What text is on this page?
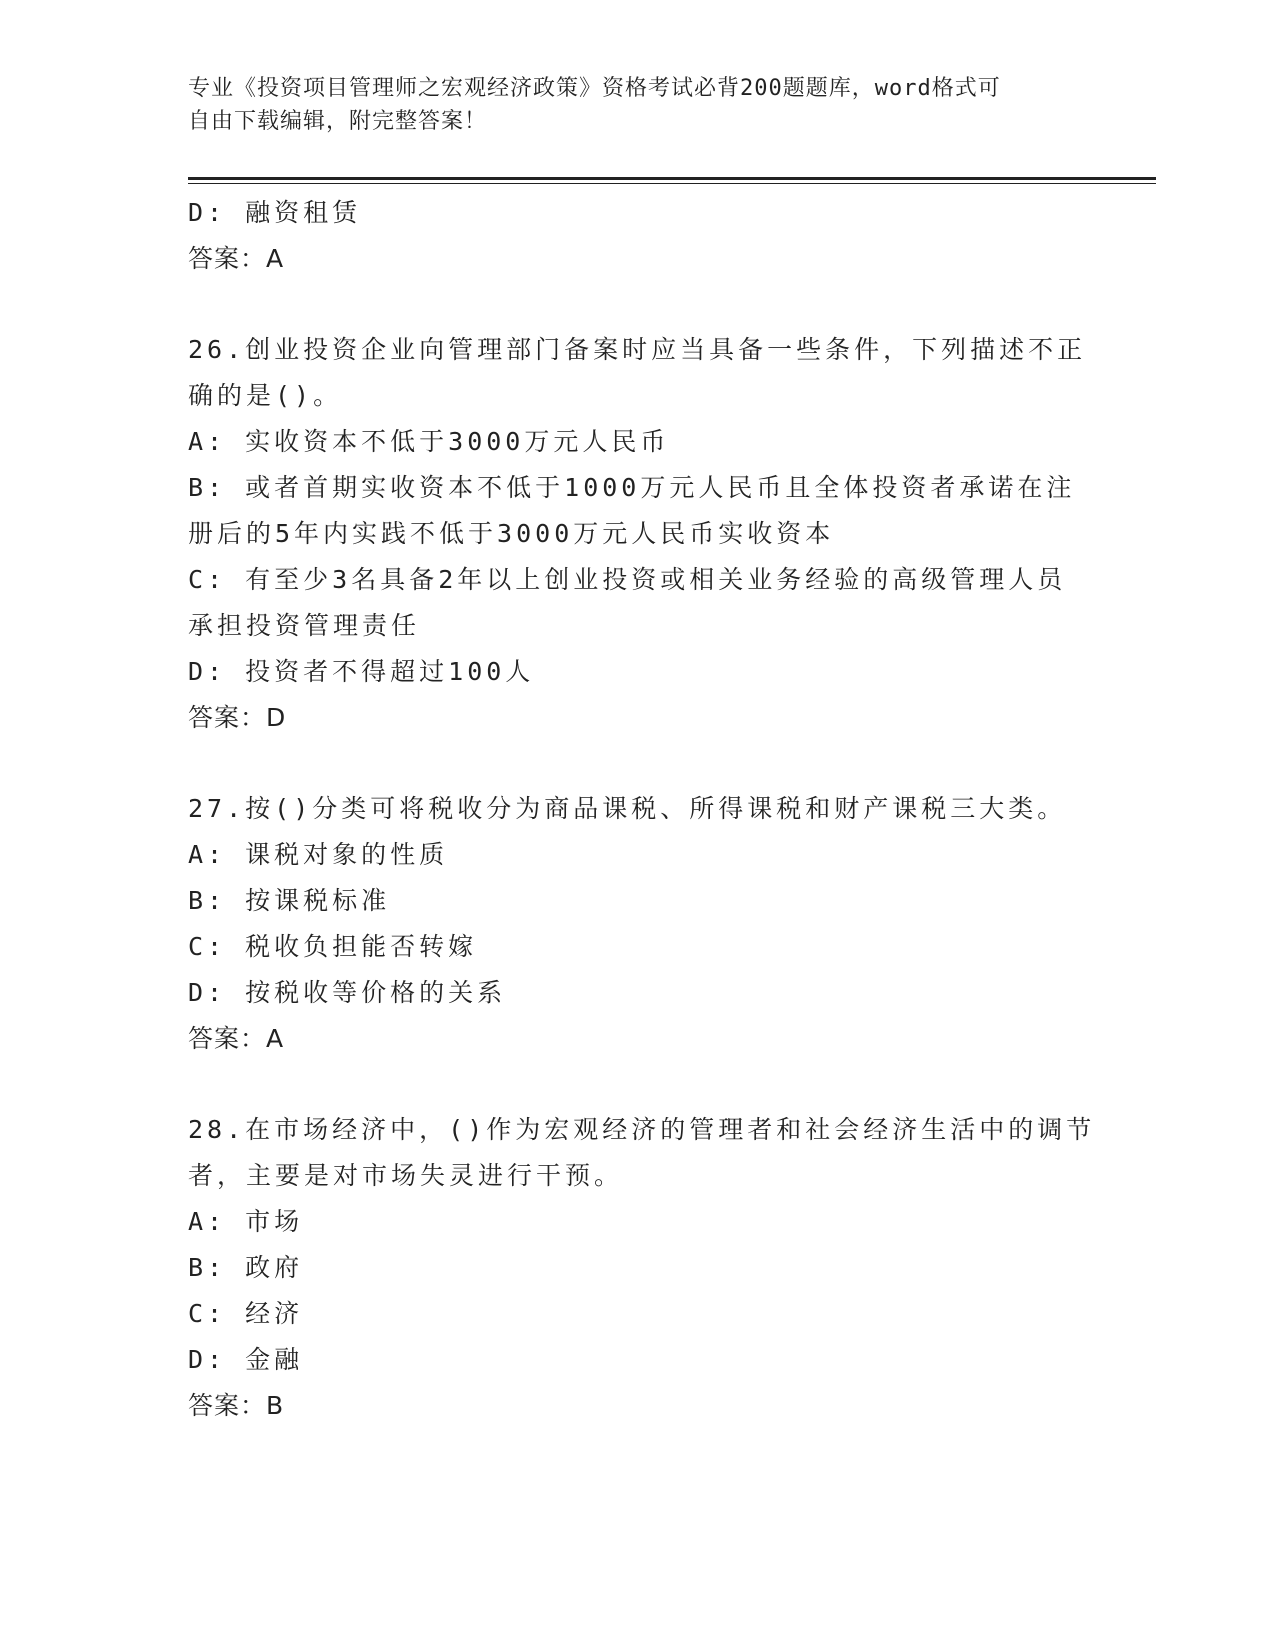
专业《投资项目管理师之宏观经济政策》资格考试必背200题题库，word格式可
自由下载编辑，附完整答案！
D: 融资租赁
答案：A
26.创业投资企业向管理部门备案时应当具备一些条件，下列描述不正
确的是()。
A: 实收资本不低于3000万元人民币
B: 或者首期实收资本不低于1000万元人民币且全体投资者承诺在注
册后的5年内实践不低于3000万元人民币实收资本
C: 有至少3名具备2年以上创业投资或相关业务经验的高级管理人员
承担投资管理责任
D: 投资者不得超过100人
答案：D
27.按()分类可将税收分为商品课税、所得课税和财产课税三大类。
A: 课税对象的性质
B: 按课税标准
C: 税收负担能否转嫁
D: 按税收等价格的关系
答案：A
28.在市场经济中，()作为宏观经济的管理者和社会经济生活中的调节
者，主要是对市场失灵进行干预。
A: 市场
B: 政府
C: 经济
D: 金融
答案：B
